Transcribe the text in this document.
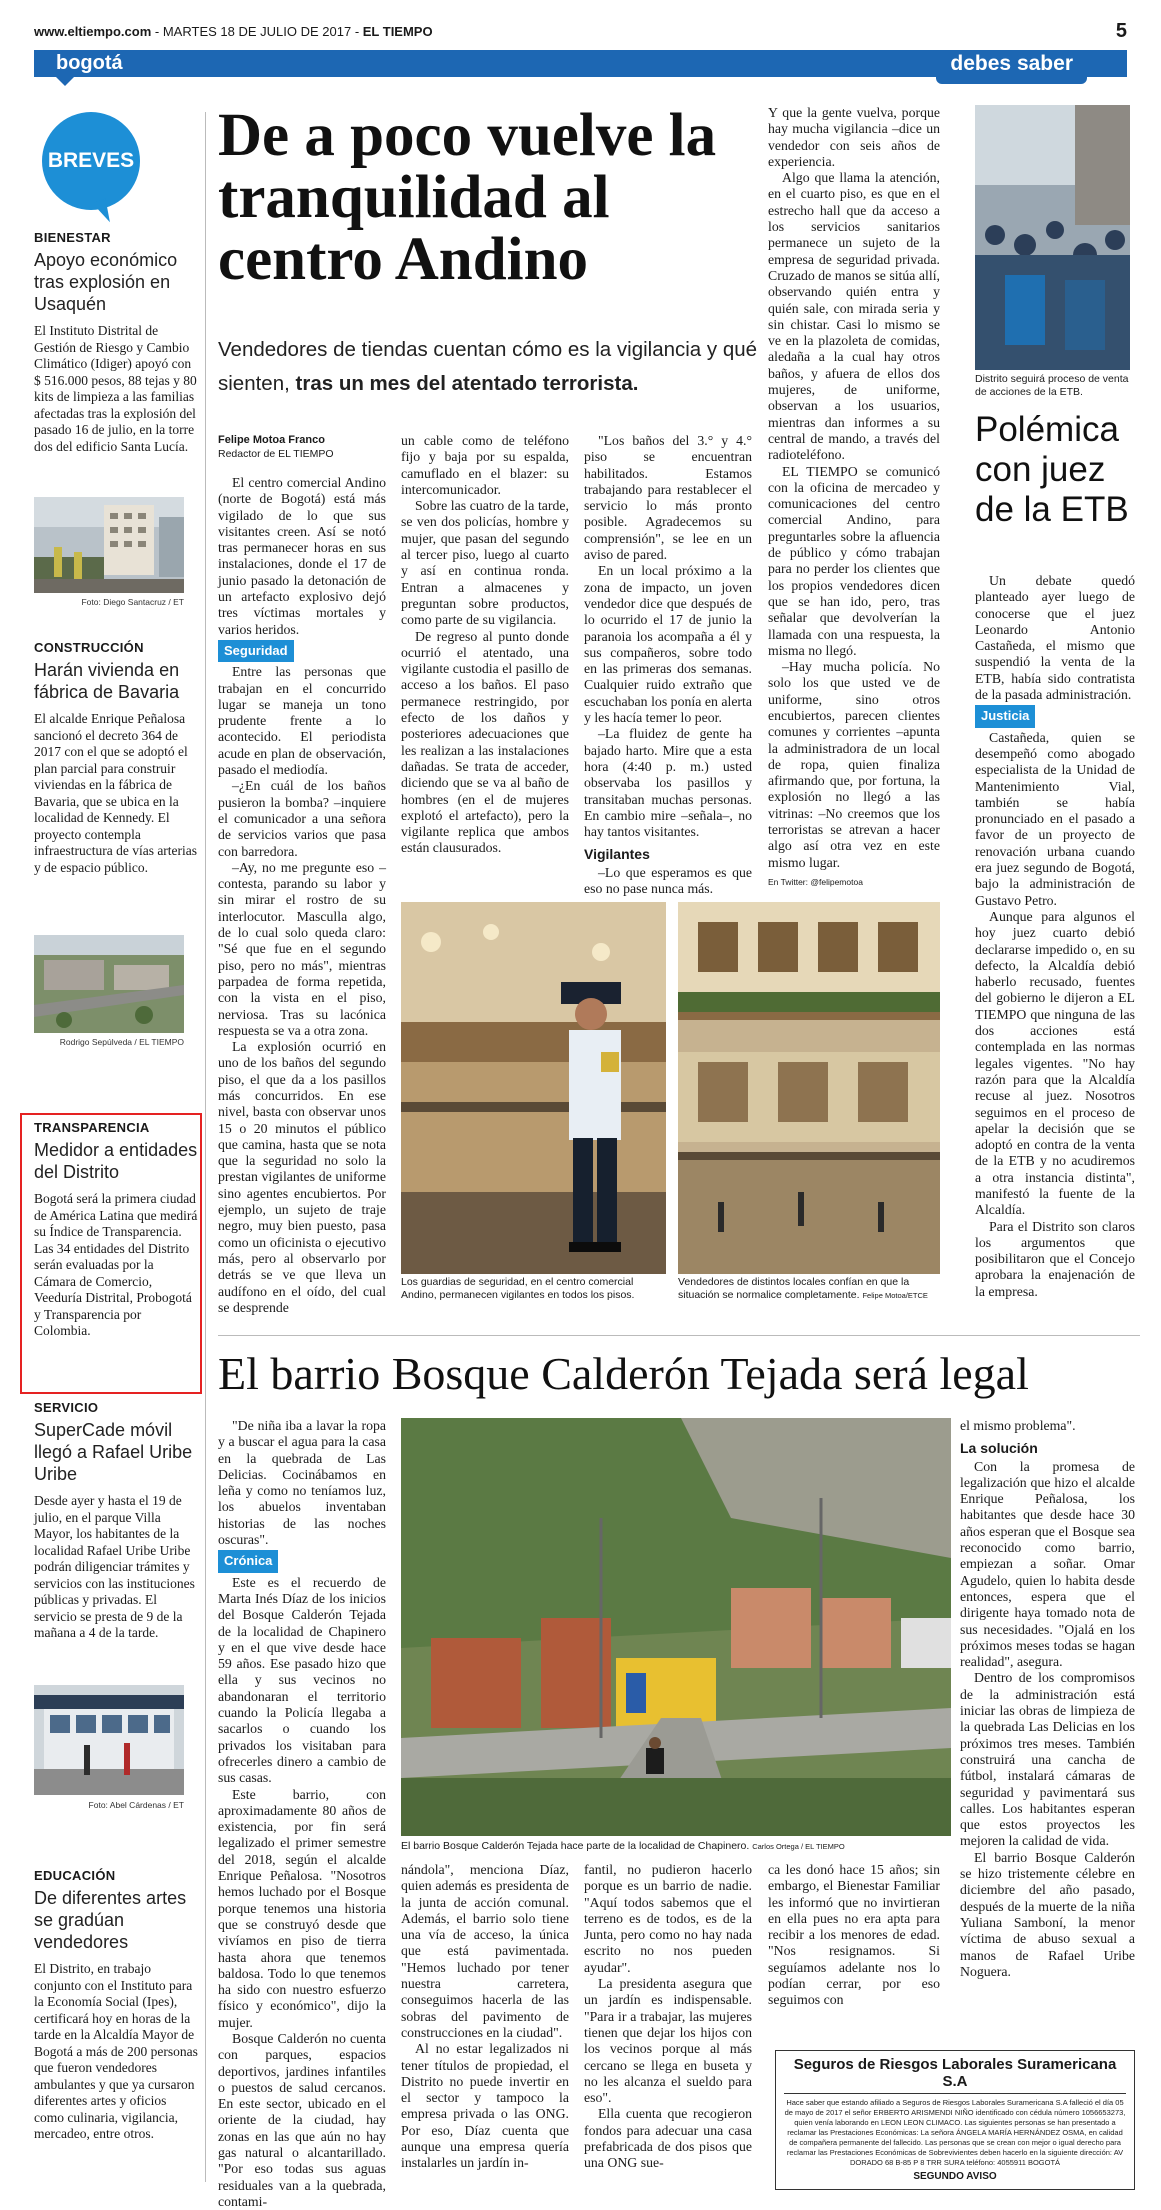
www.eltiempo.com - MARTES 18 DE JULIO DE 2017 - EL TIEMPO	5
bogotá	debes saber
BREVES
BIENESTAR
Apoyo económico tras explosión en Usaquén
El Instituto Distrital de Gestión de Riesgo y Cambio Climático (Idiger) apoyó con $ 516.000 pesos, 88 tejas y 80 kits de limpieza a las familias afectadas tras la explosión del pasado 16 de julio, en la torre dos del edificio Santa Lucía.
Foto: Diego Santacruz / ET
CONSTRUCCIÓN
Harán vivienda en fábrica de Bavaria
El alcalde Enrique Peñalosa sancionó el decreto 364 de 2017 con el que se adoptó el plan parcial para construir viviendas en la fábrica de Bavaria, que se ubica en la localidad de Kennedy. El proyecto contempla infraestructura de vías arterias y de espacio público.
Rodrigo Sepúlveda / EL TIEMPO
TRANSPARENCIA
Medidor a entidades del Distrito
Bogotá será la primera ciudad de América Latina que medirá su Índice de Transparencia. Las 34 entidades del Distrito serán evaluadas por la Cámara de Comercio, Veeduría Distrital, Probogotá y Transparencia por Colombia.
SERVICIO
SuperCade móvil llegó a Rafael Uribe Uribe
Desde ayer y hasta el 19 de julio, en el parque Villa Mayor, los habitantes de la localidad Rafael Uribe Uribe podrán diligenciar trámites y servicios con las instituciones públicas y privadas. El servicio se presta de 9 de la mañana a 4 de la tarde.
Foto: Abel Cárdenas / ET
EDUCACIÓN
De diferentes artes se gradúan vendedores
El Distrito, en trabajo conjunto con el Instituto para la Economía Social (Ipes), certificará hoy en horas de la tarde en la Alcaldía Mayor de Bogotá a más de 200 personas que fueron vendedores ambulantes y que ya cursaron diferentes artes y oficios como culinaria, vigilancia, mercadeo, entre otros.
De a poco vuelve la tranquilidad al centro Andino
Vendedores de tiendas cuentan cómo es la vigilancia y qué sienten, tras un mes del atentado terrorista.
Felipe Motoa Franco
Redactor de EL TIEMPO

El centro comercial Andino (norte de Bogotá) está más vigilado de lo que sus visitantes creen. Así se notó tras permanecer horas en sus instalaciones, donde el 17 de junio pasado la detonación de un artefacto explosivo dejó tres víctimas mortales y varios heridos.

Seguridad

Entre las personas que trabajan en el concurrido lugar se maneja un tono prudente frente a lo acontecido. El periodista acude en plan de observación, pasado el mediodía.

–¿En cuál de los baños pusieron la bomba? –inquiere el comunicador a una señora de servicios varios que pasa con barredora.

–Ay, no me pregunte eso –contesta, parando su labor y sin mirar el rostro de su interlocutor. Masculla algo, de lo cual solo queda claro: "Sé que fue en el segundo piso, pero no más", mientras parpadea de forma repetida, con la vista en el piso, nerviosa. Tras su lacónica respuesta se va a otra zona.

La explosión ocurrió en uno de los baños del segundo piso, el que da a los pasillos más concurridos. En ese nivel, basta con observar unos 15 o 20 minutos el público que camina, hasta que se nota que la seguridad no solo la prestan vigilantes de uniforme sino agentes encubiertos. Por ejemplo, un sujeto de traje negro, muy bien puesto, pasa como un oficinista o ejecutivo más, pero al observarlo por detrás se ve que lleva un audífono en el oído, del cual se desprende

un cable como de teléfono fijo y baja por su espalda, camuflado en el blazer: su intercomunicador.

Sobre las cuatro de la tarde, se ven dos policías, hombre y mujer, que pasan del segundo al tercer piso, luego al cuarto y así en continua ronda. Entran a almacenes y preguntan sobre productos, como parte de su vigilancia.

De regreso al punto donde ocurrió el atentado, una vigilante custodia el pasillo de acceso a los baños. El paso permanece restringido, por efecto de los daños y posteriores adecuaciones que les realizan a las instalaciones dañadas. Se trata de acceder, diciendo que se va al baño de hombres (en el de mujeres explotó el artefacto), pero la vigilante replica que ambos están clausurados.

"Los baños del 3.° y 4.° piso se encuentran habilitados. Estamos trabajando para restablecer el servicio lo más pronto posible. Agradecemos su comprensión", se lee en un aviso de pared.

En un local próximo a la zona de impacto, un joven vendedor dice que después de lo ocurrido el 17 de junio la paranoia los acompaña a él y sus compañeros, sobre todo en las primeras dos semanas. Cualquier ruido extraño que escuchaban los ponía en alerta y les hacía temer lo peor.

–La fluidez de gente ha bajado harto. Mire que a esta hora (4:40 p. m.) usted observaba los pasillos y transitaban muchas personas. En cambio mire –señala–, no hay tantos visitantes.

Vigilantes

–Lo que esperamos es que eso no pase nunca más.

Y que la gente vuelva, porque hay mucha vigilancia –dice un vendedor con seis años de experiencia.

Algo que llama la atención, en el cuarto piso, es que en el estrecho hall que da acceso a los servicios sanitarios permanece un sujeto de la empresa de seguridad privada. Cruzado de manos se sitúa allí, observando quién entra y quién sale, con mirada seria y sin chistar. Casi lo mismo se ve en la plazoleta de comidas, aledaña a la cual hay otros baños, y afuera de ellos dos mujeres, de uniforme, observan a los usuarios, mientras dan informes a su central de mando, a través del radioteléfono.

EL TIEMPO se comunicó con la oficina de mercadeo y comunicaciones del centro comercial Andino, para preguntarles sobre la afluencia de público y cómo trabajan para no perder los clientes que los propios vendedores dicen que se han ido, pero, tras señalar que devolverían la llamada con una respuesta, la misma no llegó.

–Hay mucha policía. No solo los que usted ve de uniforme, sino otros encubiertos, parecen clientes comunes y corrientes –apunta la administradora de un local de ropa, quien finaliza afirmando que, por fortuna, la explosión no llegó a las vitrinas: –No creemos que los terroristas se atrevan a hacer algo así otra vez en este mismo lugar.

En Twitter: @felipemotoa
Los guardias de seguridad, en el centro comercial Andino, permanecen vigilantes en todos los pisos.
Vendedores de distintos locales confían en que la situación se normalice completamente. Felipe Motoa/ETCE
Distrito seguirá proceso de venta de acciones de la ETB.
Polémica con juez de la ETB

Un debate quedó planteado ayer luego de conocerse que el juez Leonardo Antonio Castañeda, el mismo que suspendió la venta de la ETB, había sido contratista de la pasada administración.

Justicia

Castañeda, quien se desempeñó como abogado especialista de la Unidad de Mantenimiento Vial, también se había pronunciado en el pasado a favor de un proyecto de renovación urbana cuando era juez segundo de Bogotá, bajo la administración de Gustavo Petro.

Aunque para algunos el hoy juez cuarto debió declararse impedido o, en su defecto, la Alcaldía debió haberlo recusado, fuentes del gobierno le dijeron a EL TIEMPO que ninguna de las dos acciones está contemplada en las normas legales vigentes. "No hay razón para que la Alcaldía recuse al juez. Nosotros seguimos en el proceso de apelar la decisión que se adoptó en contra de la venta de la ETB y no acudiremos a otra instancia distinta", manifestó la fuente de la Alcaldía.

Para el Distrito son claros los argumentos que posibilitaron que el Concejo aprobara la enajenación de la empresa.

El barrio Bosque Calderón Tejada será legal

"De niña iba a lavar la ropa y a buscar el agua para la casa en la quebrada de Las Delicias. Cocinábamos en leña y como no teníamos luz, los abuelos inventaban historias de las noches oscuras".

Crónica

Este es el recuerdo de Marta Inés Díaz de los inicios del Bosque Calderón Tejada de la localidad de Chapinero y en el que vive desde hace 59 años. Ese pasado hizo que ella y sus vecinos no abandonaran el territorio cuando la Policía llegaba a sacarlos o cuando los privados los visitaban para ofrecerles dinero a cambio de sus casas.

Este barrio, con aproximadamente 80 años de existencia, por fin será legalizado el primer semestre del 2018, según el alcalde Enrique Peñalosa. "Nosotros hemos luchado por el Bosque porque tenemos una historia que se construyó desde que vivíamos en piso de tierra hasta ahora que tenemos baldosa. Todo lo que tenemos ha sido con nuestro esfuerzo físico y económico", dijo la mujer.

Bosque Calderón no cuenta con parques, espacios deportivos, jardines infantiles o puestos de salud cercanos. En este sector, ubicado en el oriente de la ciudad, hay zonas en las que aún no hay gas natural o alcantarillado. "Por eso todas sus aguas residuales van a la quebrada, contami-

El barrio Bosque Calderón Tejada hace parte de la localidad de Chapinero. Carlos Ortega / EL TIEMPO

nándola", menciona Díaz, quien además es presidenta de la junta de acción comunal. Además, el barrio solo tiene una vía de acceso, la única que está pavimentada. "Hemos luchado por tener nuestra carretera, conseguimos hacerla de las sobras del pavimento de construcciones en la ciudad".

Al no estar legalizados ni tener títulos de propiedad, el Distrito no puede invertir en el sector y tampoco la empresa privada o las ONG. Por eso, Díaz cuenta que aunque una empresa quería instalarles un jardín in-

fantil, no pudieron hacerlo porque es un barrio de nadie. "Aquí todos sabemos que el terreno es de todos, es de la Junta, pero como no hay nada escrito no nos pueden ayudar".

La presidenta asegura que un jardín es indispensable. "Para ir a trabajar, las mujeres tienen que dejar los hijos con los vecinos porque al más cercano se llega en buseta y no les alcanza el sueldo para eso".

Ella cuenta que recogieron fondos para adecuar una casa prefabricada de dos pisos que una ONG sue-

ca les donó hace 15 años; sin embargo, el Bienestar Familiar les informó que no invirtieran en ella pues no era apta para recibir a los menores de edad. "Nos resignamos. Si seguíamos adelante nos lo podían cerrar, por eso seguimos con

el mismo problema".

La solución

Con la promesa de legalización que hizo el alcalde Enrique Peñalosa, los habitantes que desde hace 30 años esperan que el Bosque sea reconocido como barrio, empiezan a soñar. Omar Agudelo, quien lo habita desde entonces, espera que el dirigente haya tomado nota de sus necesidades. "Ojalá en los próximos meses todas se hagan realidad", asegura.

Dentro de los compromisos de la administración está iniciar las obras de limpieza de la quebrada Las Delicias en los próximos tres meses. También construirá una cancha de fútbol, instalará cámaras de seguridad y pavimentará sus calles. Los habitantes esperan que estos proyectos les mejoren la calidad de vida.

El barrio Bosque Calderón se hizo tristemente célebre en diciembre del año pasado, después de la muerte de la niña Yuliana Samboní, la menor víctima de abuso sexual a manos de Rafael Uribe Noguera.

Seguros de Riesgos Laborales Suramericana S.A
Hace saber que estando afiliado a Seguros de Riesgos Laborales Suramericana S.A falleció el día 05 de mayo de 2017 el señor ERBERTO ARISMENDI NIÑO identificado con cédula número 1056653273, quien venía laborando en LEON LEON CLIMACO. Las siguientes personas se han presentado a reclamar las Prestaciones Económicas: La señora ÁNGELA MARÍA HERNÁNDEZ OSMA, en calidad de compañera permanente del fallecido. Las personas que se crean con mejor o igual derecho para reclamar las Prestaciones Económicas de Sobrevivientes deben hacerlo en la siguiente dirección: AV DORADO 68 B-85 P 8 TRR SURA teléfono: 4055911 BOGOTÁ
SEGUNDO AVISO
